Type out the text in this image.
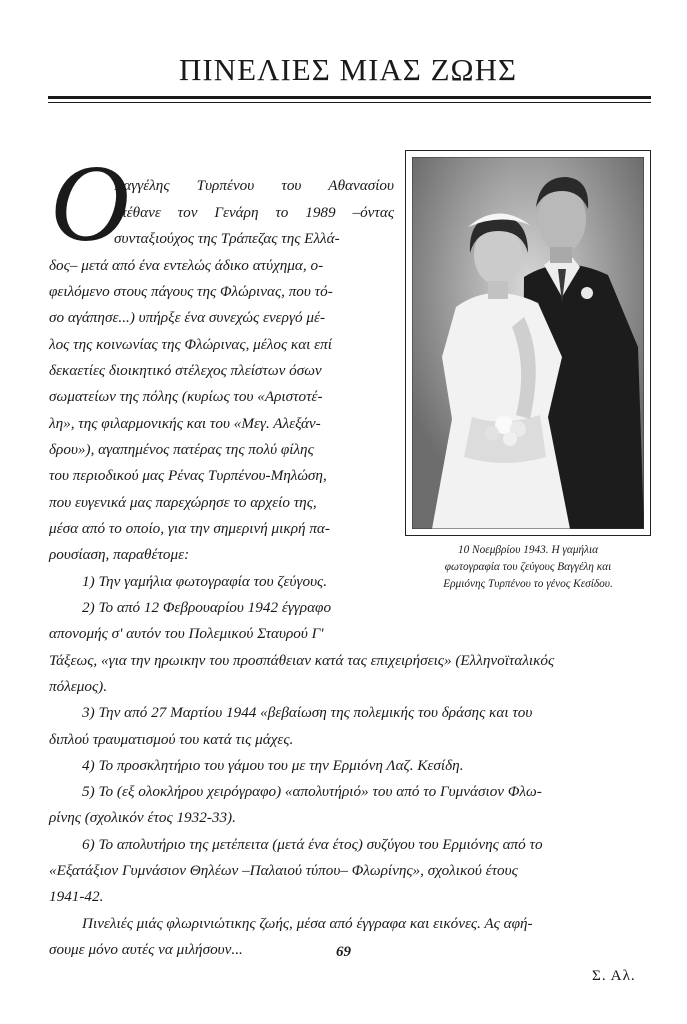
ΠΙΝΕΛΙΕΣ ΜΙΑΣ ΖΩΗΣ
Ο

Βαγγέλης Τυρπένου του Αθανασίου

(πέθανε τον Γενάρη το 1989 –όντας

συνταξιούχος της Τράπεζας της Ελλά-

δος– μετά από ένα εντελώς άδικο ατύχημα, ο-

φειλόμενο στους πάγους της Φλώρινας, που τό-

σο αγάπησε...) υπήρξε ένα συνεχώς ενεργό μέ-

λος της κοινωνίας της Φλώρινας, μέλος και επί

δεκαετίες διοικητικό στέλεχος πλείστων όσων

σωματείων της πόλης (κυρίως του «Αριστοτέ-

λη», της φιλαρμονικής και του «Μεγ. Αλεξάν-

δρου»), αγαπημένος πατέρας της πολύ φίλης

του περιοδικού μας Ρένας Τυρπένου-Μηλώση,

που ευγενικά μας παρεχώρησε το αρχείο της,

μέσα από το οποίο, για την σημερινή μικρή πα-

ρουσίαση, παραθέτομε:

1) Την γαμήλια φωτογραφία του ζεύγους.

2) Το από 12 Φεβρουαρίου 1942 έγγραφο

απονομής σ' αυτόν του Πολεμικού Σταυρού Γ'

Τάξεως, «για την ηρωικην του προσπάθειαν κατά τας επιχειρήσεις» (Ελληνοϊταλικός

πόλεμος).

3) Την από 27 Μαρτίου 1944 «βεβαίωση της πολεμικής του δράσης και του

διπλού τραυματισμού του κατά τις μάχες.

4) Το προσκλητήριο του γάμου του με την Ερμιόνη Λαζ. Κεσίδη.

5) Το (εξ ολοκλήρου χειρόγραφο) «απολυτήριό» του από το Γυμνάσιον Φλω-

ρίνης (σχολικόν έτος 1932-33).

6) Το απολυτήριο της μετέπειτα (μετά ένα έτος) συζύγου του Ερμιόνης από το

«Εξατάξιον Γυμνάσιον Θηλέων –Παλαιού τύπου– Φλωρίνης», σχολικού έτους

1941-42.

Πινελιές μιάς φλωρινιώτικης ζωής, μέσα από έγγραφα και εικόνες. Ας αφή-

σουμε μόνο αυτές να μιλήσουν...

Σ. Αλ.

10 Νοεμβρίου 1943. Η γαμήλια
φωτογραφία του ζεύγους Βαγγέλη και
Ερμιόνης Τυρπένου το γένος Κεσίδου.
69
